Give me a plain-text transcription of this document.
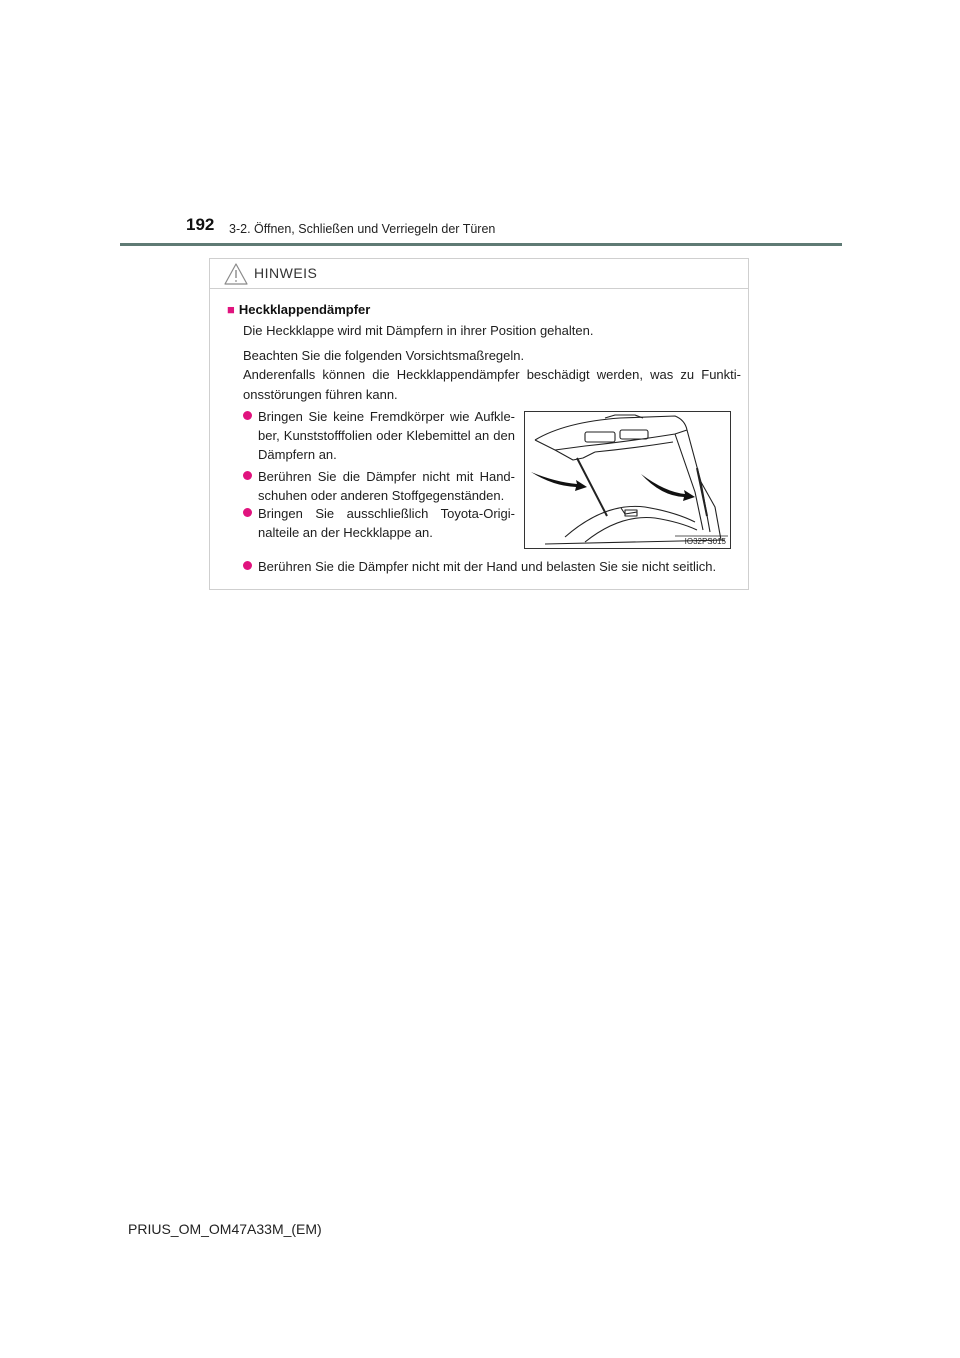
192 3-2. Öffnen, Schließen und Verriegeln der Türen
HINWEIS
■ Heckklappendämpfer
Die Heckklappe wird mit Dämpfern in ihrer Position gehalten.
Beachten Sie die folgenden Vorsichtsmaßregeln.
Anderenfalls können die Heckklappendämpfer beschädigt werden, was zu Funkti-onsstörungen führen kann.
Bringen Sie keine Fremdkörper wie Aufkle-ber, Kunststofffolien oder Klebemittel an den Dämpfern an.
Berühren Sie die Dämpfer nicht mit Hand-schuhen oder anderen Stoffgegenständen.
Bringen Sie ausschließlich Toyota-Origi-nalteile an der Heckklappe an.
IO32PS015
Berühren Sie die Dämpfer nicht mit der Hand und belasten Sie sie nicht seitlich.
PRIUS_OM_OM47A33M_(EM)
